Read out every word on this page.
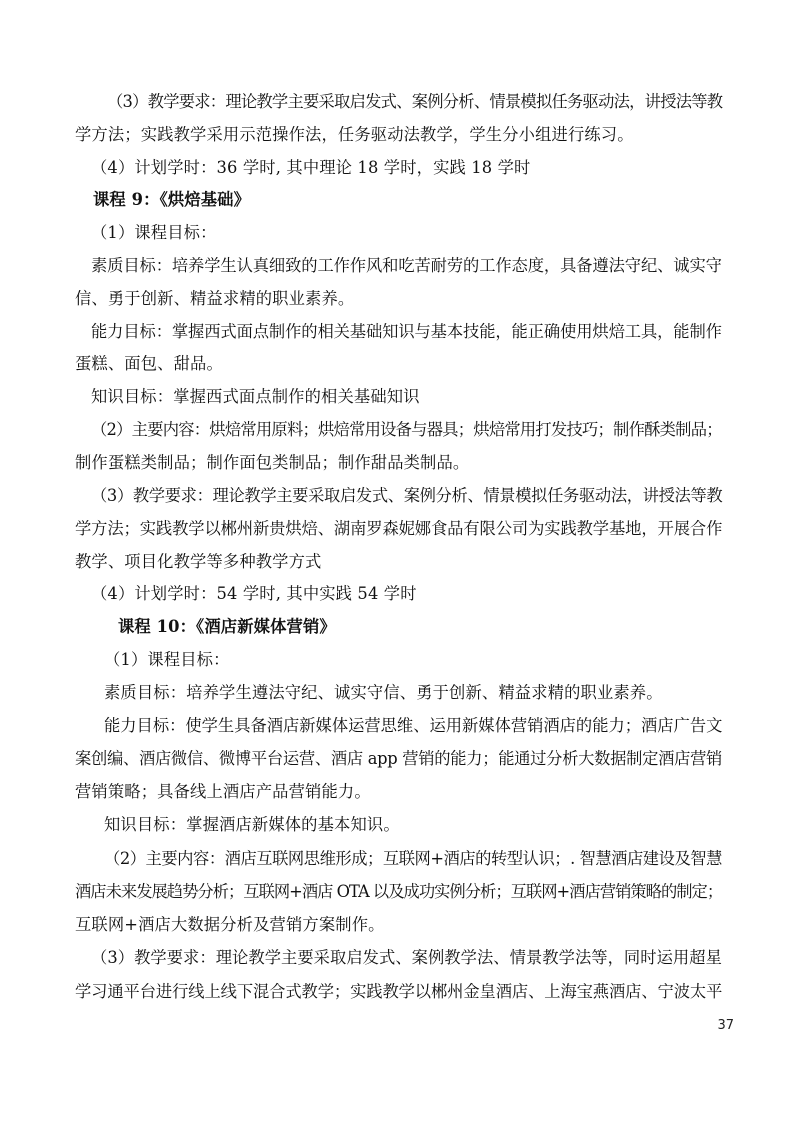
（3）教学要求：理论教学主要采取启发式、案例分析、情景模拟任务驱动法，讲授法等教
学方法；实践教学采用示范操作法，任务驱动法教学，学生分小组进行练习。
（4）计划学时：36 学时, 其中理论 18 学时，实践 18 学时
课程 9：《烘焙基础》
（1）课程目标：
素质目标：培养学生认真细致的工作作风和吃苦耐劳的工作态度，具备遵法守纪、诚实守
信、勇于创新、精益求精的职业素养。
能力目标：掌握西式面点制作的相关基础知识与基本技能，能正确使用烘焙工具，能制作
蛋糕、面包、甜品。
知识目标：掌握西式面点制作的相关基础知识
（2）主要内容：烘焙常用原料；烘焙常用设备与器具；烘焙常用打发技巧；制作酥类制品；
制作蛋糕类制品；制作面包类制品；制作甜品类制品。
（3）教学要求：理论教学主要采取启发式、案例分析、情景模拟任务驱动法，讲授法等教
学方法；实践教学以郴州新贵烘焙、湖南罗森妮娜食品有限公司为实践教学基地，开展合作
教学、项目化教学等多种教学方式
（4）计划学时：54 学时, 其中实践 54 学时
课程 10：《酒店新媒体营销》
（1）课程目标：
素质目标：培养学生遵法守纪、诚实守信、勇于创新、精益求精的职业素养。
能力目标：使学生具备酒店新媒体运营思维、运用新媒体营销酒店的能力；酒店广告文
案创编、酒店微信、微博平台运营、酒店 app 营销的能力；能通过分析大数据制定酒店营销
营销策略；具备线上酒店产品营销能力。
知识目标：掌握酒店新媒体的基本知识。
（2）主要内容：酒店互联网思维形成；互联网+酒店的转型认识；. 智慧酒店建设及智慧
酒店未来发展趋势分析；互联网+酒店 OTA 以及成功实例分析；互联网+酒店营销策略的制定；
互联网+酒店大数据分析及营销方案制作。
（3）教学要求：理论教学主要采取启发式、案例教学法、情景教学法等，同时运用超星
学习通平台进行线上线下混合式教学；实践教学以郴州金皇酒店、上海宝燕酒店、宁波太平
37
